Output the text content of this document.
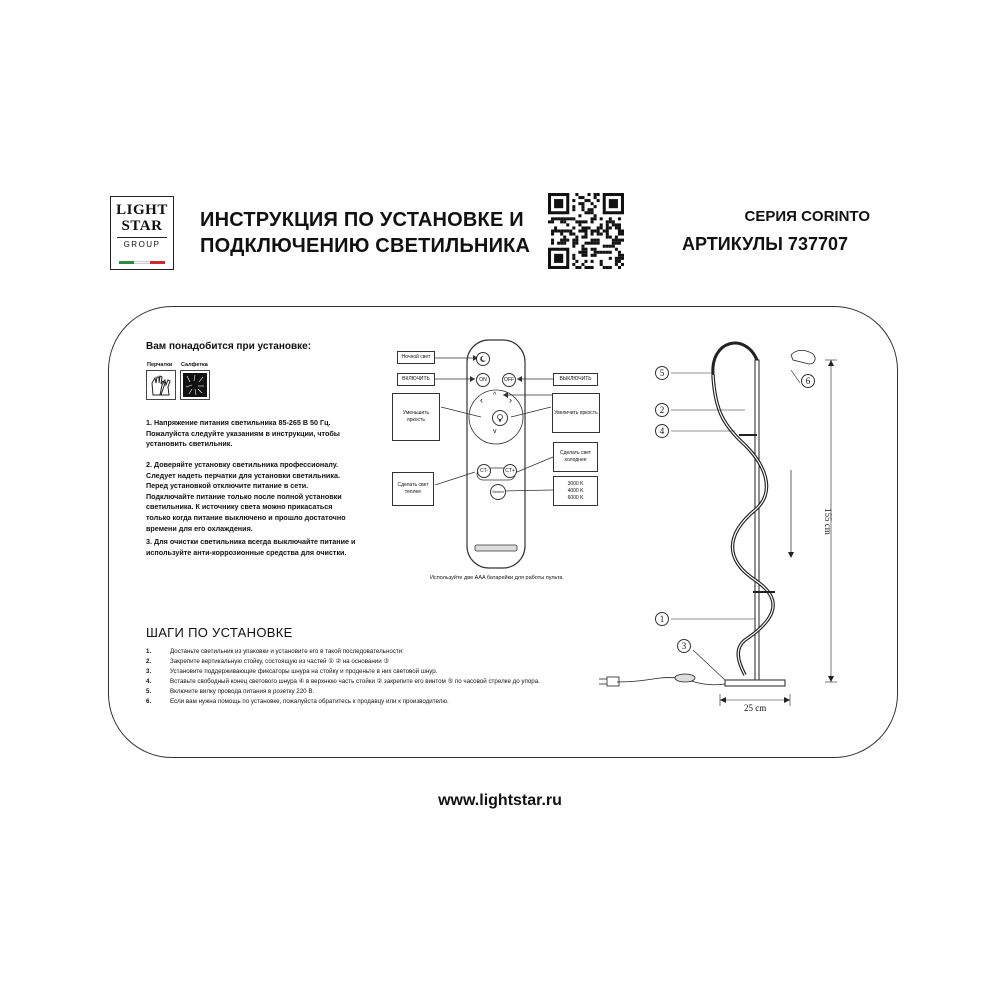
LIGHT
STAR
GROUP
ИНСТРУКЦИЯ ПО УСТАНОВКЕ И ПОДКЛЮЧЕНИЮ СВЕТИЛЬНИКА
СЕРИЯ CORINTO
АРТИКУЛЫ 737707
Вам понадобится при установке:
Перчатки Салфетка
1. Напряжение питания светильника 85-265 В 50 Гц. Пожалуйста следуйте указаниям в инструкции, чтобы установить светильник.
2. Доверяйте установку светильника профессионалу. Следует надеть перчатки для установки светильника. Перед установкой отключите питание в сети. Подключайте питание только после полной установки светильника. К источнику света можно прикасаться только когда питание выключено и прошло достаточно времени для его охлаждения.
3. Для очистки светильника всегда выключайте питание и используйте анти-коррозионные средства для очистки.
Ночной свет
ВКЛЮЧИТЬ	ВЫКЛЮЧИТЬ
Уменьшить яркость
Увеличить яркость
Сделать свет холоднее
Сделать свет теплее
3000 K
4000 K
6000 K
ON	OFF
‹	›
^
v
CT-	CT+
Section
Используйте две AAA батарейки для работы пульта
ШАГИ ПО УСТАНОВКЕ
1.	Достаньте светильник из упаковки и установите его в такой последовательности:
2.	Закрепите вертикальную стойку, состоящую из частей ① ② на основании ③
3.	Установите поддерживающие фиксаторы шнура на стойку и проденьте в них световой шнур.
4.	Вставьте свободный конец светового шнура ④ в верхнюю часть стойки ② закрепите его винтом ⑤ по часовой стрелке до упора.
5.	Включите вилку провода питания в розетку 220 В.
6.	Если вам нужна помощь по установке, пожалуйста обратитесь к продавцу или к производителю.
5
2
4
1
3
6
155 cm
25 cm
www.lightstar.ru
